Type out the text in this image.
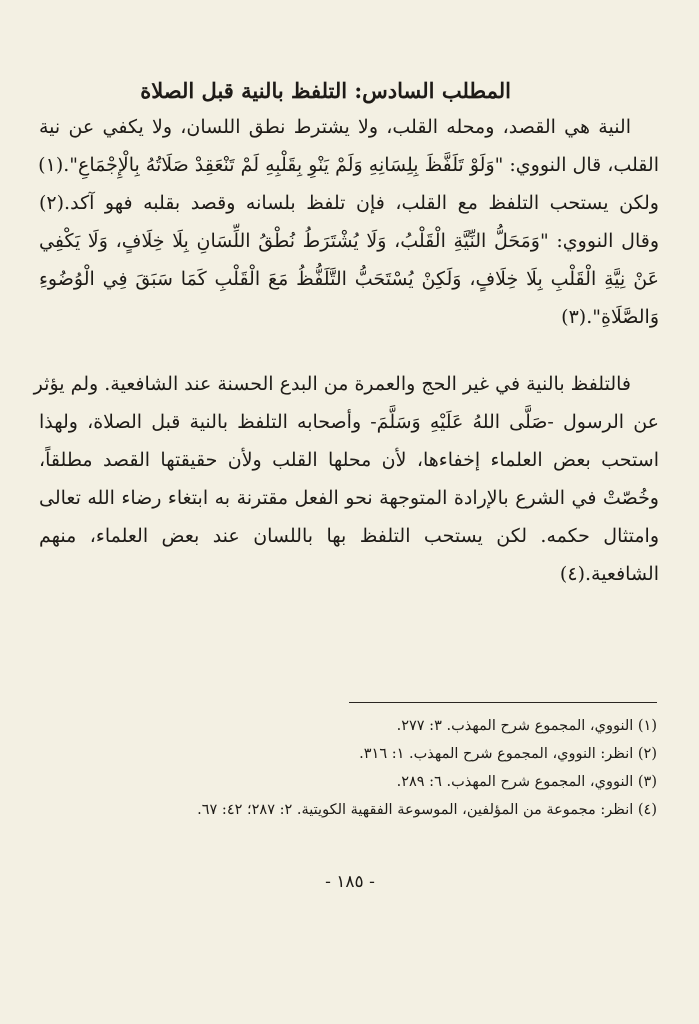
المطلب السادس: التلفظ بالنية قبل الصلاة
النية هي القصد، ومحله القلب، ولا يشترط نطق اللسان، ولا يكفي عن نية
القلب، قال النووي: "وَلَوْ تَلَفَّظَ بِلِسَانِهِ وَلَمْ يَنْوِ بِقَلْبِهِ لَمْ تَنْعَقِدْ صَلَاتُهُ بِالْإِجْمَاعِ".(١)
ولكن يستحب التلفظ مع القلب، فإن تلفظ بلسانه وقصد بقلبه فهو آكد.(٢)
وقال النووي: "وَمَحَلُّ النِّيَّةِ الْقَلْبُ، وَلَا يُشْتَرَطُ نُطْقُ اللِّسَانِ بِلَا خِلَافٍ، وَلَا يَكْفِي
عَنْ نِيَّةِ الْقَلْبِ بِلَا خِلَافٍ، وَلَكِنْ يُسْتَحَبُّ التَّلَفُّظُ مَعَ الْقَلْبِ كَمَا سَبَقَ فِي الْوُضُوءِ
وَالصَّلَاةِ".(٣)
فالتلفظ بالنية في غير الحج والعمرة من البدع الحسنة عند الشافعية. ولم يؤثر
عن الرسول -صَلَّى اللهُ عَلَيْهِ وَسَلَّمَ- وأصحابه التلفظ بالنية قبل الصلاة، ولهذا
استحب بعض العلماء إخفاءها، لأن محلها القلب ولأن حقيقتها القصد مطلقاً،
وخُصّتْ في الشرع بالإرادة المتوجهة نحو الفعل مقترنة به ابتغاء رضاء الله تعالى
وامتثال حكمه. لكن يستحب التلفظ بها باللسان عند بعض العلماء، منهم
الشافعية.(٤)
(١) النووي، المجموع شرح المهذب. ٣: ٢٧٧.
(٢) انظر: النووي، المجموع شرح المهذب. ١: ٣١٦.
(٣) النووي، المجموع شرح المهذب. ٦: ٢٨٩.
(٤) انظر: مجموعة من المؤلفين، الموسوعة الفقهية الكويتية. ٢: ٢٨٧؛ ٤٢: ٦٧.
- ١٨٥ -
